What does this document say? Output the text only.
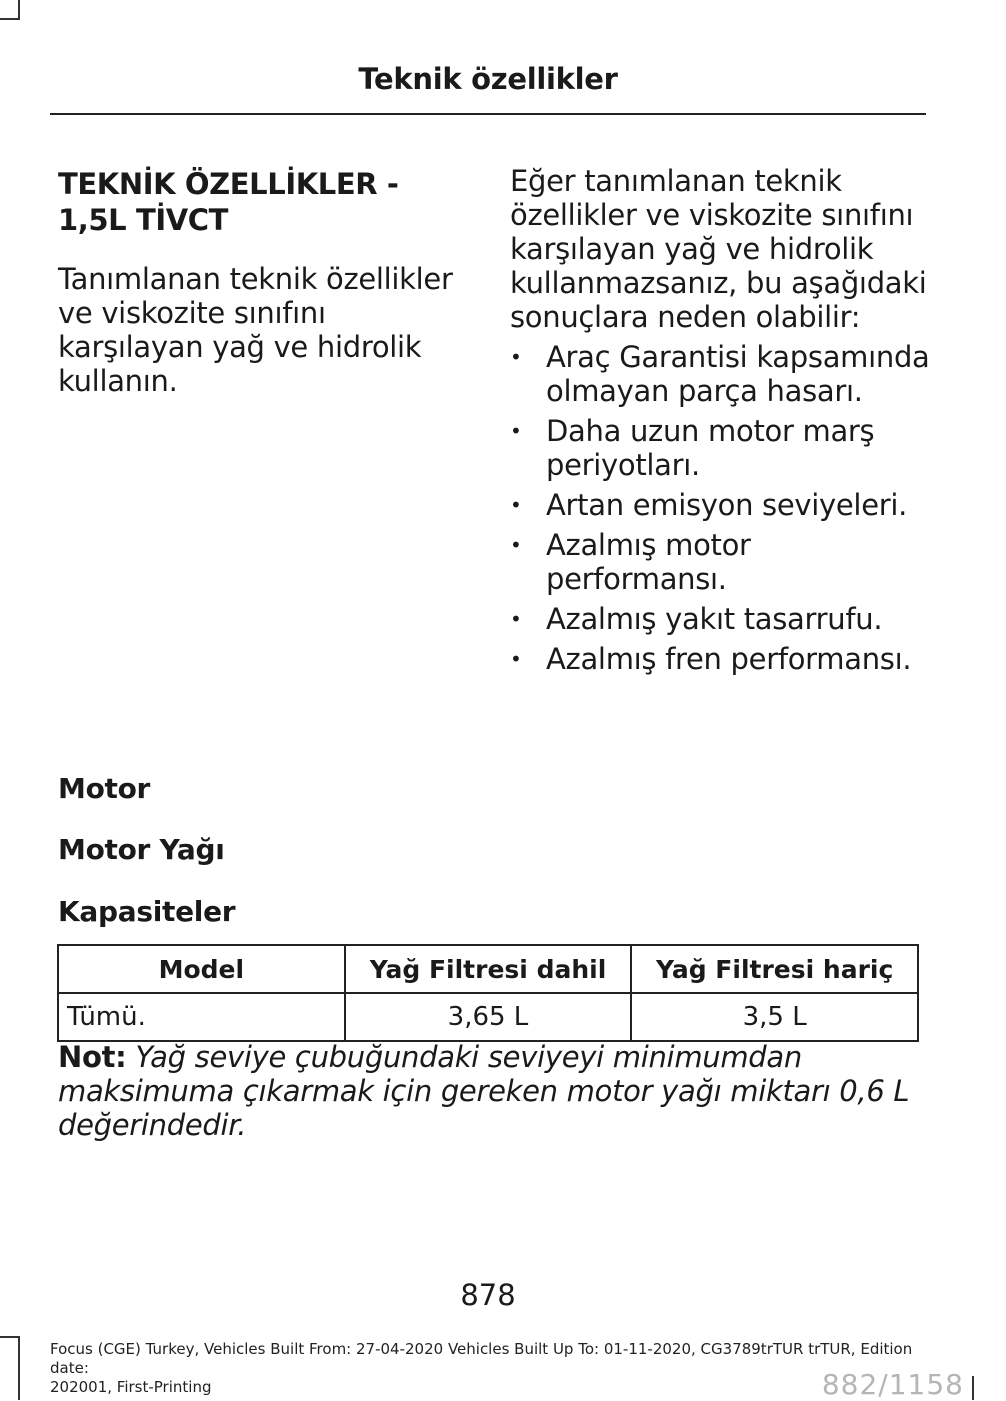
Teknik özellikler
TEKNİK ÖZELLİKLER -
1,5L TİVCT

Tanımlanan teknik özellikler ve viskozite sınıfını karşılayan yağ ve hidrolik kullanın.

Eğer tanımlanan teknik özellikler ve viskozite sınıfını karşılayan yağ ve hidrolik kullanmazsanız, bu aşağıdaki sonuçlara neden olabilir:

• Araç Garantisi kapsamında olmayan parça hasarı.
• Daha uzun motor marş periyotları.
• Artan emisyon seviyeleri.
• Azalmış motor performansı.
• Azalmış yakıt tasarrufu.
• Azalmış fren performansı.
Motor
Motor Yağı
Kapasiteler
Model	Yağ Filtresi dahil	Yağ Filtresi hariç
Tümü.	3,65 L	3,5 L
Not: Yağ seviye çubuğundaki seviyeyi minimumdan maksimuma çıkarmak için gereken motor yağı miktarı 0,6 L değerindedir.
878
Focus (CGE) Turkey, Vehicles Built From: 27-04-2020 Vehicles Built Up To: 01-11-2020, CG3789trTUR trTUR, Edition date:
202001, First-Printing	882/1158
